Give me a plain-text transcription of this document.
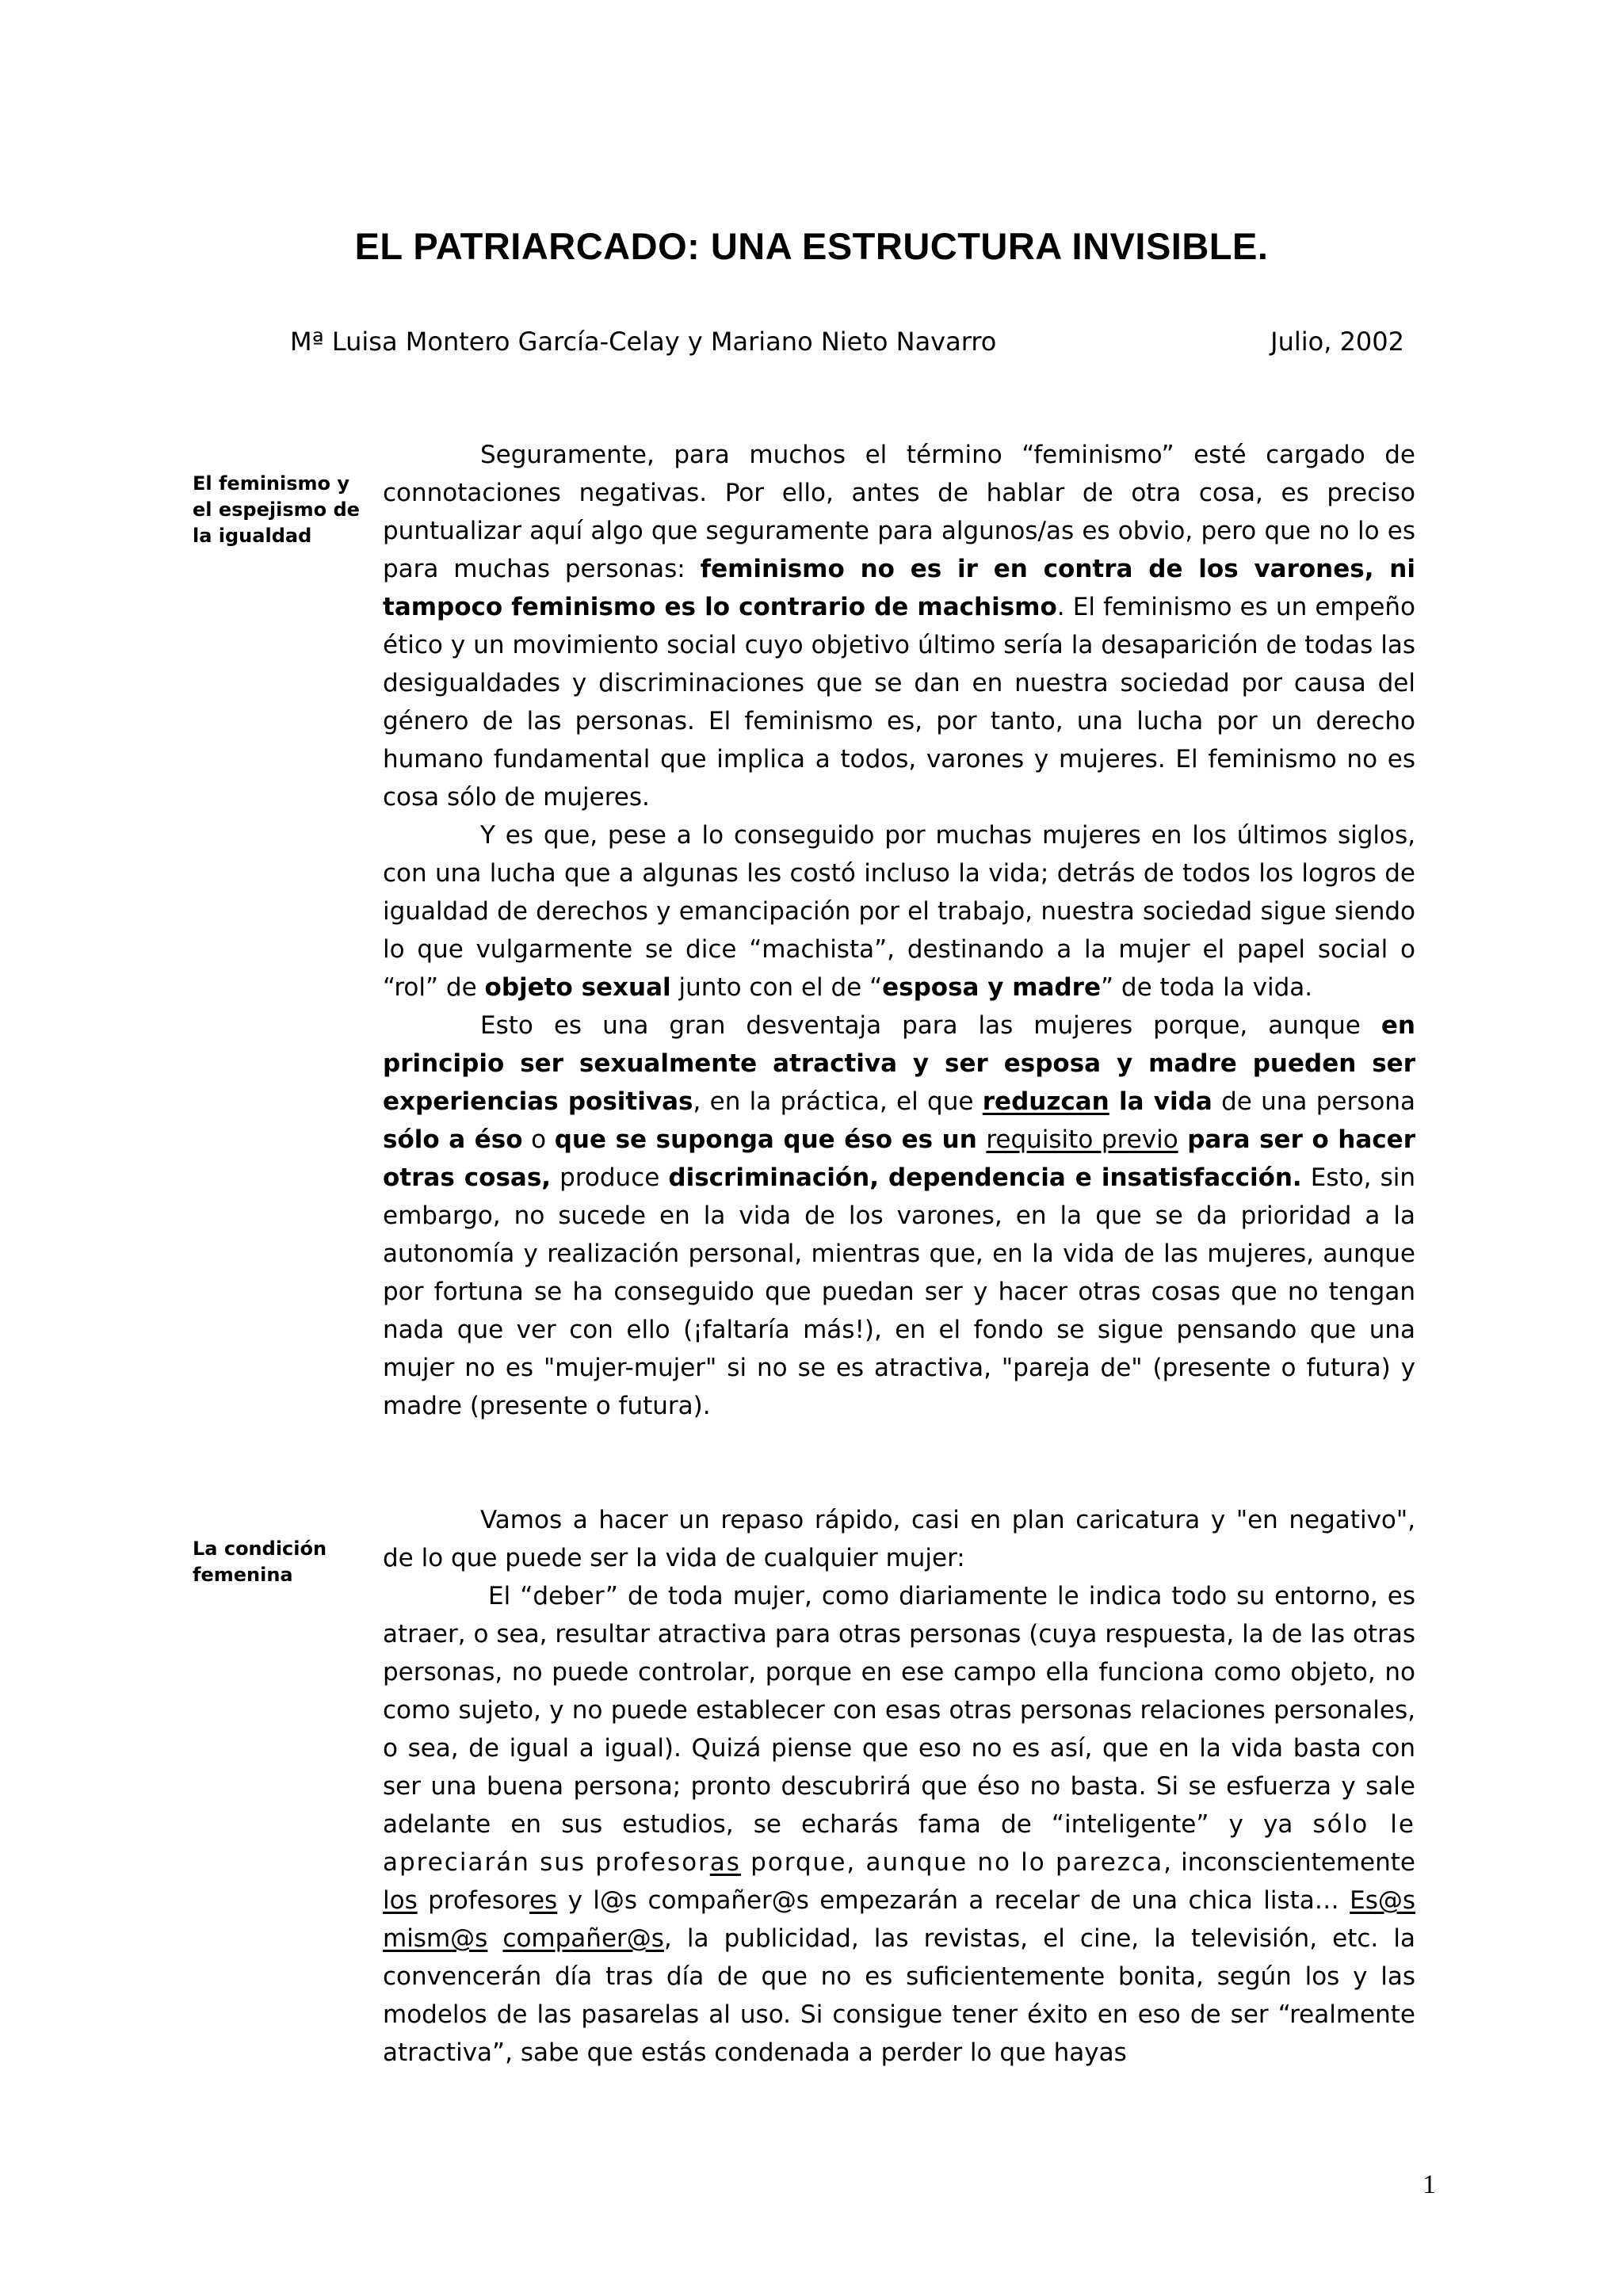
EL PATRIARCADO: UNA ESTRUCTURA INVISIBLE.
Mª Luisa Montero García-Celay y Mariano Nieto Navarro	Julio, 2002
El feminismo y el espejismo de la igualdad

Seguramente, para muchos el término “feminismo” esté cargado de connotaciones negativas. Por ello, antes de hablar de otra cosa, es preciso puntualizar aquí algo que seguramente para algunos/as es obvio, pero que no lo es para muchas personas: feminismo no es ir en contra de los varones, ni tampoco feminismo es lo contrario de machismo. El feminismo es un empeño ético y un movimiento social cuyo objetivo último sería la desaparición de todas las desigualdades y discriminaciones que se dan en nuestra sociedad por causa del género de las personas. El feminismo es, por tanto, una lucha por un derecho humano fundamental que implica a todos, varones y mujeres. El feminismo no es cosa sólo de mujeres.

Y es que, pese a lo conseguido por muchas mujeres en los últimos siglos, con una lucha que a algunas les costó incluso la vida; detrás de todos los logros de igualdad de derechos y emancipación por el trabajo, nuestra sociedad sigue siendo lo que vulgarmente se dice “machista”, destinando a la mujer el papel social o “rol” de objeto sexual junto con el de “esposa y madre” de toda la vida.

Esto es una gran desventaja para las mujeres porque, aunque en principio ser sexualmente atractiva y ser esposa y madre pueden ser experiencias positivas, en la práctica, el que reduzcan la vida de una persona sólo a éso o que se suponga que éso es un requisito previo para ser o hacer otras cosas, produce discriminación, dependencia e insatisfacción. Esto, sin embargo, no sucede en la vida de los varones, en la que se da prioridad a la autonomía y realización personal, mientras que, en la vida de las mujeres, aunque por fortuna se ha conseguido que puedan ser y hacer otras cosas que no tengan nada que ver con ello (¡faltaría más!), en el fondo se sigue pensando que una mujer no es "mujer-mujer" si no se es atractiva, "pareja de" (presente o futura) y madre (presente o futura).

La condición femenina

Vamos a hacer un repaso rápido, casi en plan caricatura y "en negativo", de lo que puede ser la vida de cualquier mujer:

El “deber” de toda mujer, como diariamente le indica todo su entorno, es atraer, o sea, resultar atractiva para otras personas (cuya respuesta, la de las otras personas, no puede controlar, porque en ese campo ella funciona como objeto, no como sujeto, y no puede establecer con esas otras personas relaciones personales, o sea, de igual a igual). Quizá piense que eso no es así, que en la vida basta con ser una buena persona; pronto descubrirá que éso no basta. Si se esfuerza y sale adelante en sus estudios, se echarás fama de “inteligente” y ya sólo le apreciarán sus profesoras porque, aunque no lo parezca, inconscientemente los profesores y l@s compañer@s empezarán a recelar de una chica lista… Es@s mism@s compañer@s, la publicidad, las revistas, el cine, la televisión, etc. la convencerán día tras día de que no es suficientemente bonita, según los y las modelos de las pasarelas al uso. Si consigue tener éxito en eso de ser “realmente atractiva”, sabe que estás condenada a perder lo que hayas

1
